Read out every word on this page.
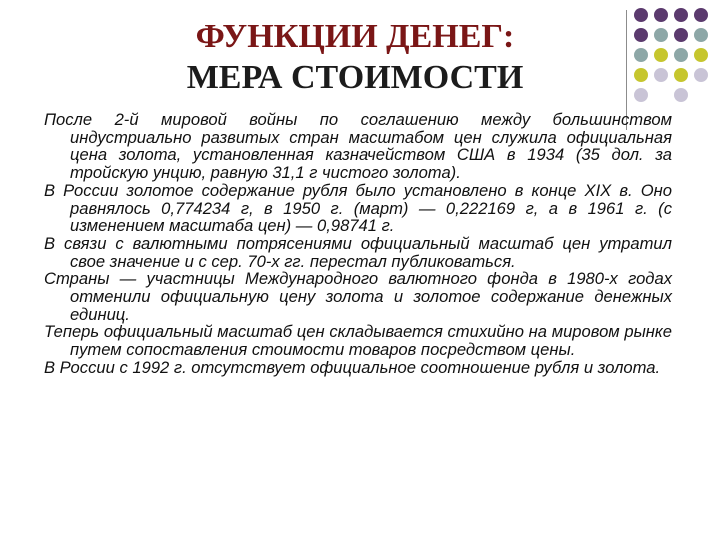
ФУНКЦИИ ДЕНЕГ:
МЕРА СТОИМОСТИ

После 2-й мировой войны по соглашению между большинством индустриально развитых стран масштабом цен служила официальная цена золота, установленная казначейством США в 1934 (35 дол. за тройскую унцию, равную 31,1 г чистого золота).

В России золотое содержание рубля было установлено в конце XIX в. Оно равнялось 0,774234 г, в 1950 г. (март) — 0,222169 г, а в 1961 г. (с изменением масштаба цен) — 0,98741 г.

В связи с валютными потрясениями официальный масштаб цен утратил свое значение и с сер. 70-х гг. перестал публиковаться.

Страны — участницы Международного валютного фонда в 1980-х годах отменили официальную цену золота и золотое содержание денежных единиц.

Теперь официальный масштаб цен складывается стихийно на мировом рынке путем сопоставления стоимости товаров посредством цены.

В России с 1992 г. отсутствует официальное соотношение рубля и золота.
